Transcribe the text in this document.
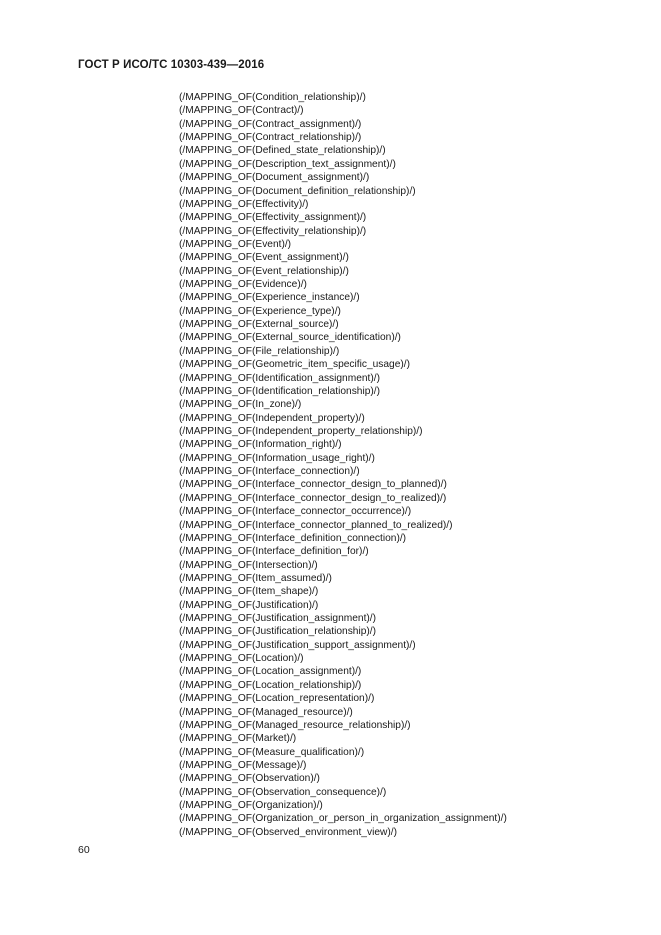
ГОСТ Р ИСО/ТС 10303-439—2016
(/MAPPING_OF(Condition_relationship)/)
(/MAPPING_OF(Contract)/)
(/MAPPING_OF(Contract_assignment)/)
(/MAPPING_OF(Contract_relationship)/)
(/MAPPING_OF(Defined_state_relationship)/)
(/MAPPING_OF(Description_text_assignment)/)
(/MAPPING_OF(Document_assignment)/)
(/MAPPING_OF(Document_definition_relationship)/)
(/MAPPING_OF(Effectivity)/)
(/MAPPING_OF(Effectivity_assignment)/)
(/MAPPING_OF(Effectivity_relationship)/)
(/MAPPING_OF(Event)/)
(/MAPPING_OF(Event_assignment)/)
(/MAPPING_OF(Event_relationship)/)
(/MAPPING_OF(Evidence)/)
(/MAPPING_OF(Experience_instance)/)
(/MAPPING_OF(Experience_type)/)
(/MAPPING_OF(External_source)/)
(/MAPPING_OF(External_source_identification)/)
(/MAPPING_OF(File_relationship)/)
(/MAPPING_OF(Geometric_item_specific_usage)/)
(/MAPPING_OF(Identification_assignment)/)
(/MAPPING_OF(Identification_relationship)/)
(/MAPPING_OF(In_zone)/)
(/MAPPING_OF(Independent_property)/)
(/MAPPING_OF(Independent_property_relationship)/)
(/MAPPING_OF(Information_right)/)
(/MAPPING_OF(Information_usage_right)/)
(/MAPPING_OF(Interface_connection)/)
(/MAPPING_OF(Interface_connector_design_to_planned)/)
(/MAPPING_OF(Interface_connector_design_to_realized)/)
(/MAPPING_OF(Interface_connector_occurrence)/)
(/MAPPING_OF(Interface_connector_planned_to_realized)/)
(/MAPPING_OF(Interface_definition_connection)/)
(/MAPPING_OF(Interface_definition_for)/)
(/MAPPING_OF(Intersection)/)
(/MAPPING_OF(Item_assumed)/)
(/MAPPING_OF(Item_shape)/)
(/MAPPING_OF(Justification)/)
(/MAPPING_OF(Justification_assignment)/)
(/MAPPING_OF(Justification_relationship)/)
(/MAPPING_OF(Justification_support_assignment)/)
(/MAPPING_OF(Location)/)
(/MAPPING_OF(Location_assignment)/)
(/MAPPING_OF(Location_relationship)/)
(/MAPPING_OF(Location_representation)/)
(/MAPPING_OF(Managed_resource)/)
(/MAPPING_OF(Managed_resource_relationship)/)
(/MAPPING_OF(Market)/)
(/MAPPING_OF(Measure_qualification)/)
(/MAPPING_OF(Message)/)
(/MAPPING_OF(Observation)/)
(/MAPPING_OF(Observation_consequence)/)
(/MAPPING_OF(Organization)/)
(/MAPPING_OF(Organization_or_person_in_organization_assignment)/)
(/MAPPING_OF(Observed_environment_view)/)
60
